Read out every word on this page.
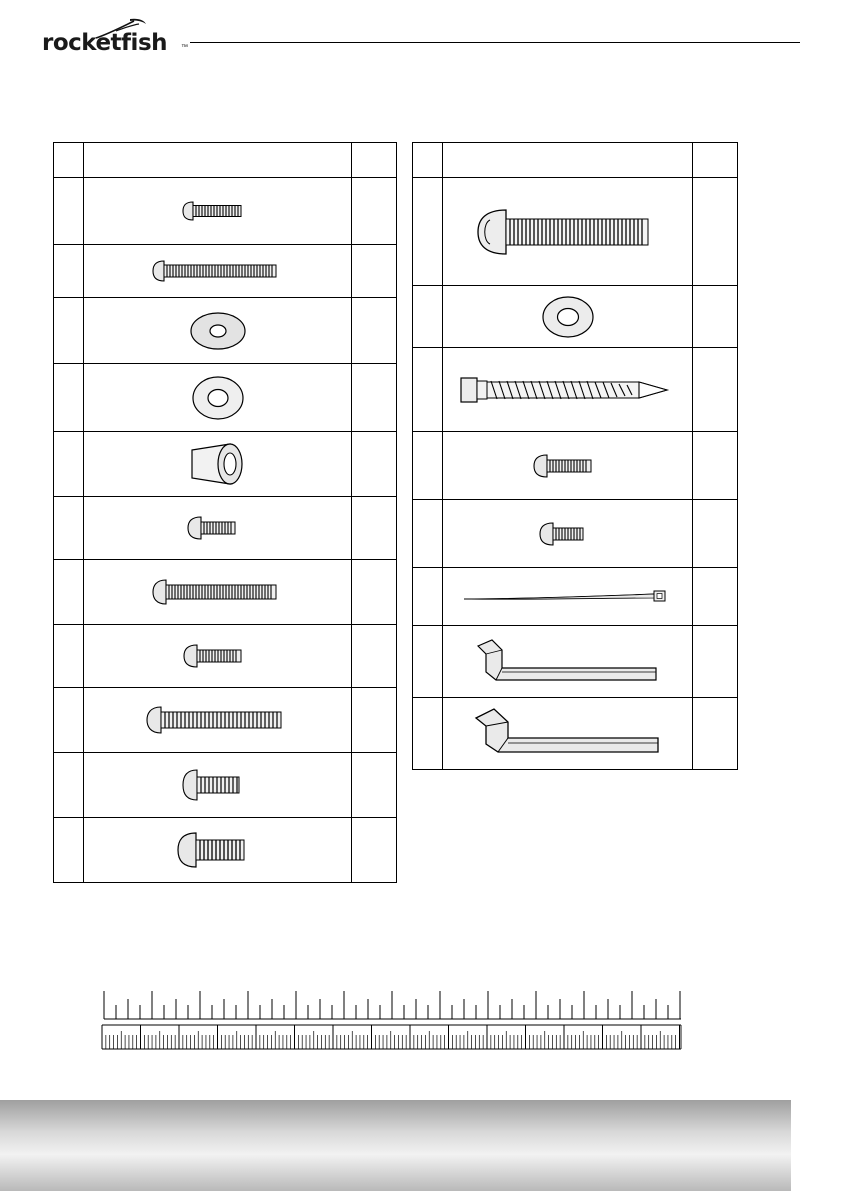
rocketfish ™
